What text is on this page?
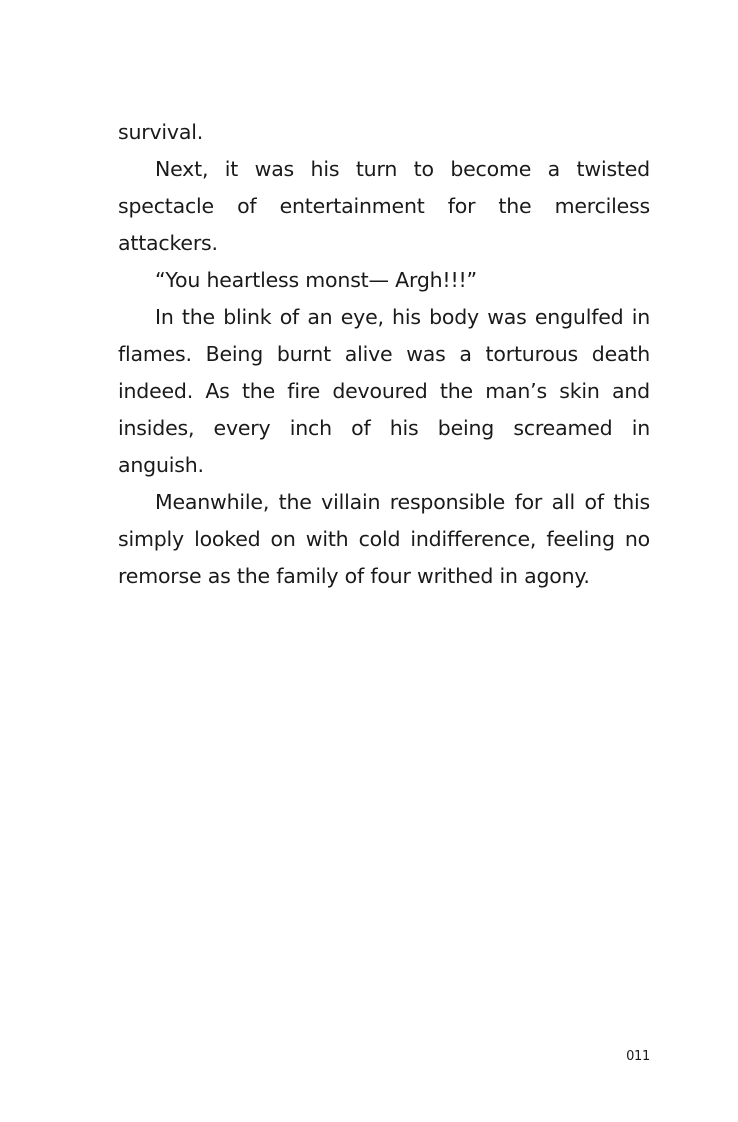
survival.

Next, it was his turn to become a twisted spectacle of entertainment for the merciless attackers.

“You heartless monst— Argh!!!”

In the blink of an eye, his body was engulfed in flames. Being burnt alive was a torturous death indeed. As the fire devoured the man’s skin and insides, every inch of his being screamed in anguish.

Meanwhile, the villain responsible for all of this simply looked on with cold indifference, feeling no remorse as the family of four writhed in agony.

011
